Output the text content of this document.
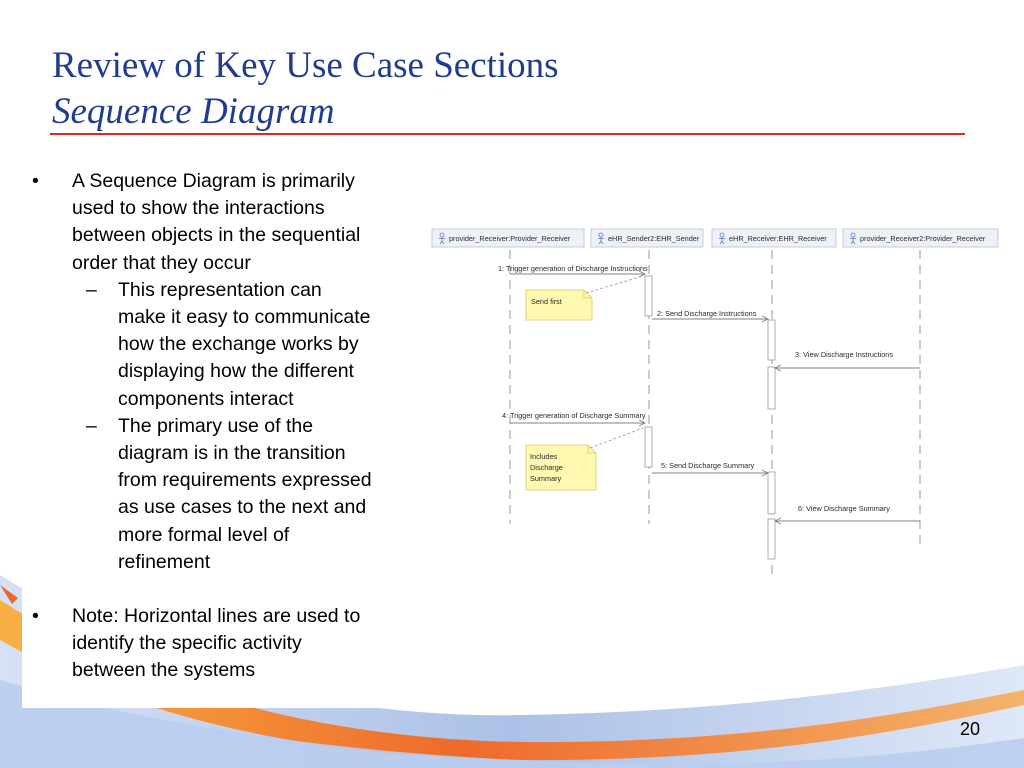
Review of Key Use Case Sections
Sequence Diagram
• A Sequence Diagram is primarily
used to show the interactions
between objects in the sequential
order that they occur
– This representation can
make it easy to communicate
how the exchange works by
displaying how the different
components interact
– The primary use of the
diagram is in the transition
from requirements expressed
as use cases to the next and
more formal level of
refinement
• Note: Horizontal lines are used to
identify the specific activity
between the systems
provider_Receiver:Provider_Receiver	eHR_Sender2:EHR_Sender	eHR_Receiver:EHR_Receiver	provider_Receiver2:Provider_Receiver
1: Trigger generation of Discharge Instructions
2: Send Discharge Instructions
3: View Discharge Instructions
4: Trigger generation of Discharge Summary
5: Send Discharge Summary
6: View Discharge Summary
Send first
Includes
Discharge
Summary
20
